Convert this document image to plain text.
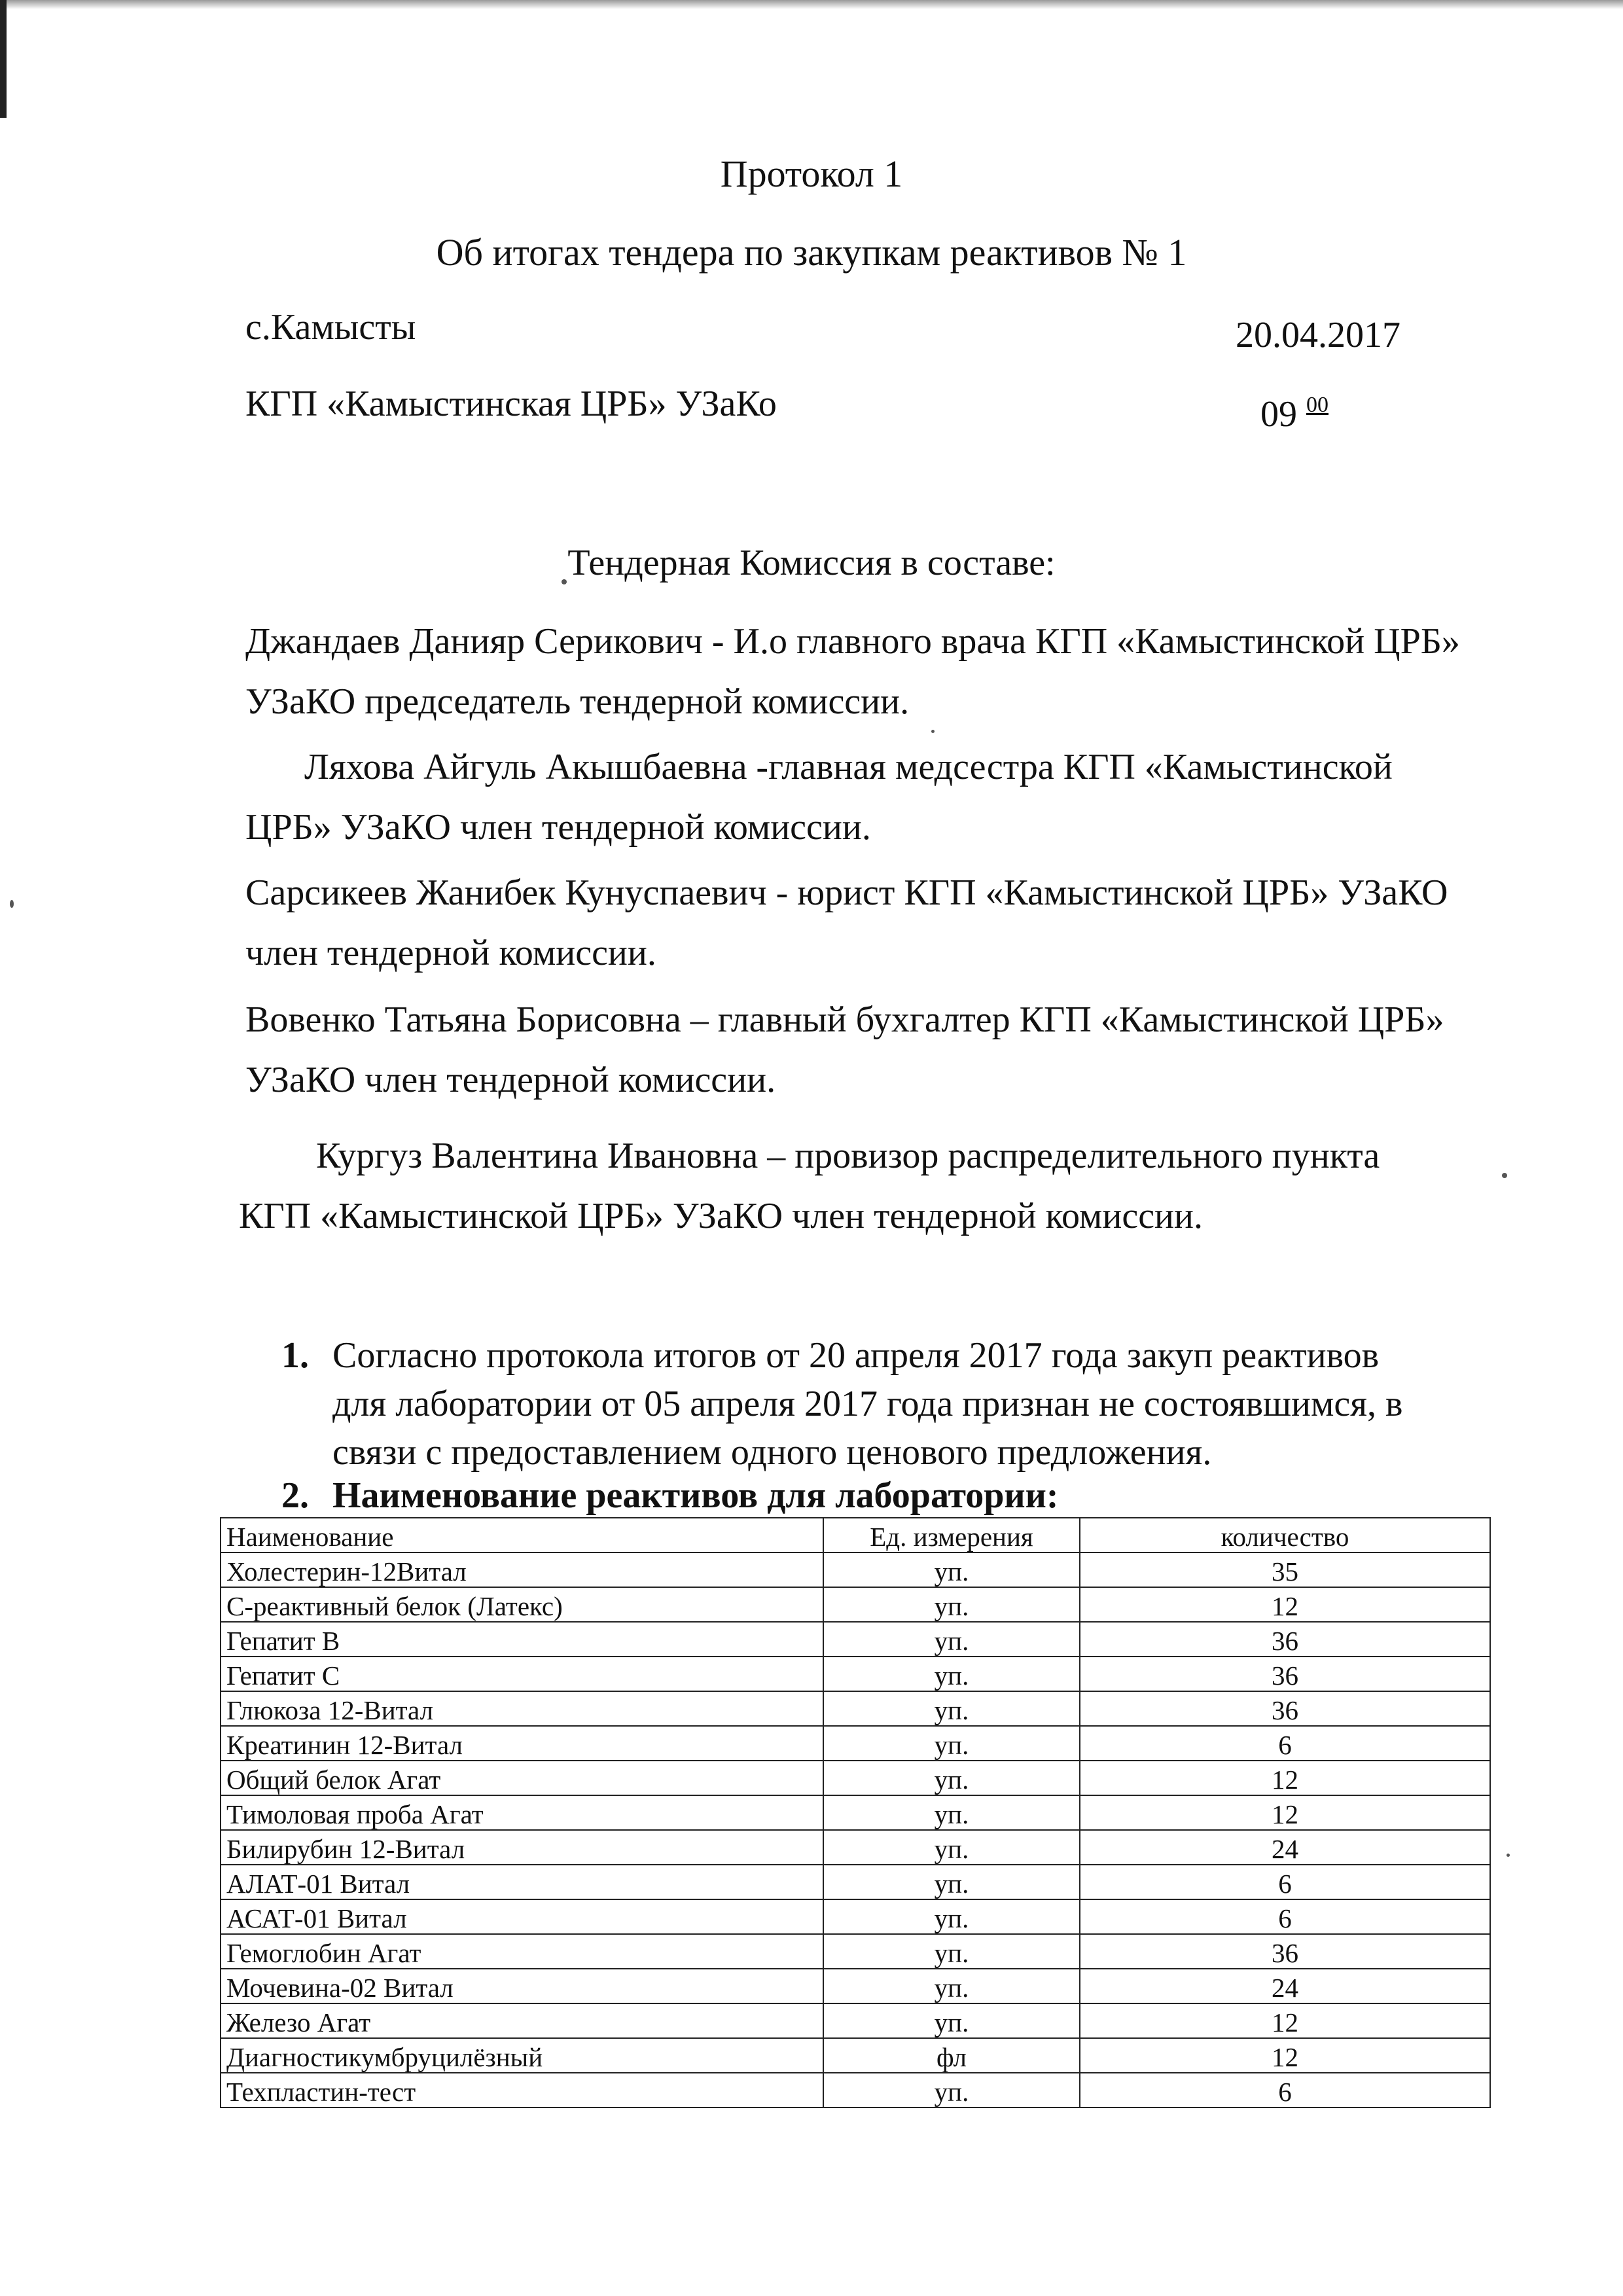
Протокол 1
Об итогах тендера по закупкам реактивов № 1
с.Камысты	20.04.2017
КГП «Камыстинская ЦРБ» УЗаКо	09 $^{00}$
Тендерная Комиссия в составе:
Джандаев Данияр Серикович - И.о главного врача КГП «Камыстинской ЦРБ»
УЗаКО председатель тендерной комиссии.
Ляхова Айгуль Акышбаевна -главная медсестра КГП «Камыстинской
ЦРБ» УЗаКО член тендерной комиссии.
Сарсикеев Жанибек Кунуспаевич - юрист КГП «Камыстинской ЦРБ» УЗаКО
член тендерной комиссии.
Вовенко Татьяна Борисовна – главный бухгалтер КГП «Камыстинской ЦРБ»
УЗаКО член тендерной комиссии.
Кургуз Валентина Ивановна – провизор распределительного пункта
КГП «Камыстинской ЦРБ» УЗаКО член тендерной комиссии.
1. Согласно протокола итогов от 20 апреля 2017 года закуп реактивов
для лаборатории от 05 апреля 2017 года признан не состоявшимся, в
связи с предоставлением одного ценового предложения.
2. Наименование реактивов для лаборатории:
Наименование	Ед. измерения	количество
Холестерин-12Витал	уп.	35
С-реактивный белок (Латекс)	уп.	12
Гепатит В	уп.	36
Гепатит С	уп.	36
Глюкоза 12-Витал	уп.	36
Креатинин 12-Витал	уп.	6
Общий белок Агат	уп.	12
Тимоловая проба Агат	уп.	12
Билирубин 12-Витал	уп.	24
АЛАТ-01 Витал	уп.	6
АСАТ-01 Витал	уп.	6
Гемоглобин Агат	уп.	36
Мочевина-02 Витал	уп.	24
Железо Агат	уп.	12
Диагностикумбруцилёзный	фл	12
Техпластин-тест	уп.	6
